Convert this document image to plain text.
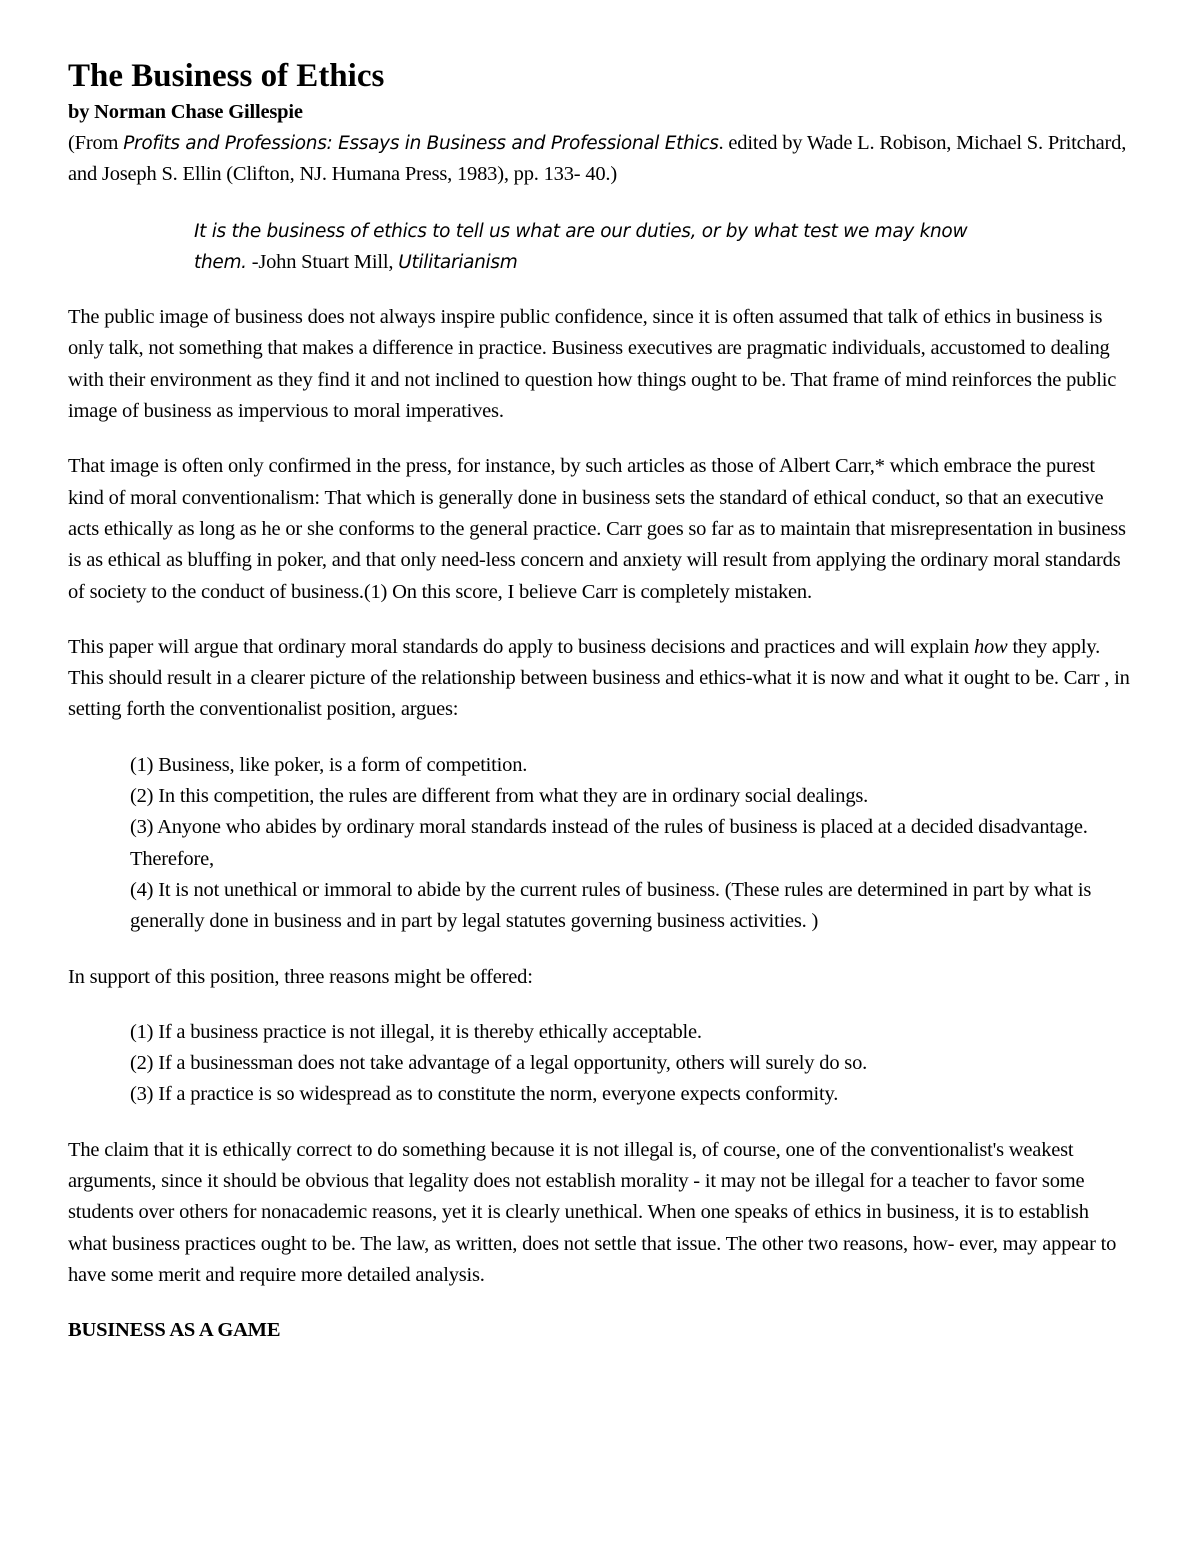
The Business of Ethics

by Norman Chase Gillespie

(From Profits and Professions: Essays in Business and Professional Ethics. edited by Wade L. Robison, Michael S. Pritchard, and Joseph S. Ellin (Clifton, NJ. Humana Press, 1983), pp. 133- 40.)

It is the business of ethics to tell us what are our duties, or by what test we may know them. -John Stuart Mill, Utilitarianism

The public image of business does not always inspire public confidence, since it is often assumed that talk of ethics in business is only talk, not something that makes a difference in practice. Business executives are pragmatic individuals, accustomed to dealing with their environment as they find it and not inclined to question how things ought to be. That frame of mind reinforces the public image of business as impervious to moral imperatives.

That image is often only confirmed in the press, for instance, by such articles as those of Albert Carr,* which embrace the purest kind of moral conventionalism: That which is generally done in business sets the standard of ethical conduct, so that an executive acts ethically as long as he or she conforms to the general practice. Carr goes so far as to maintain that misrepresentation in business is as ethical as bluffing in poker, and that only need-less concern and anxiety will result from applying the ordinary moral standards of society to the conduct of business.(1) On this score, I believe Carr is completely mistaken.

This paper will argue that ordinary moral standards do apply to business decisions and practices and will explain how they apply. This should result in a clearer picture of the relationship between business and ethics-what it is now and what it ought to be. Carr , in setting forth the conventionalist position, argues:

(1) Business, like poker, is a form of competition.
(2) In this competition, the rules are different from what they are in ordinary social dealings.
(3) Anyone who abides by ordinary moral standards instead of the rules of business is placed at a decided disadvantage. Therefore,
(4) It is not unethical or immoral to abide by the current rules of business. (These rules are determined in part by what is generally done in business and in part by legal statutes governing business activities. )

In support of this position, three reasons might be offered:

(1) If a business practice is not illegal, it is thereby ethically acceptable.
(2) If a businessman does not take advantage of a legal opportunity, others will surely do so.
(3) If a practice is so widespread as to constitute the norm, everyone expects conformity.

The claim that it is ethically correct to do something because it is not illegal is, of course, one of the conventionalist's weakest arguments, since it should be obvious that legality does not establish morality - it may not be illegal for a teacher to favor some students over others for nonacademic reasons, yet it is clearly unethical. When one speaks of ethics in business, it is to establish what business practices ought to be. The law, as written, does not settle that issue. The other two reasons, how- ever, may appear to have some merit and require more detailed analysis.

BUSINESS AS A GAME
